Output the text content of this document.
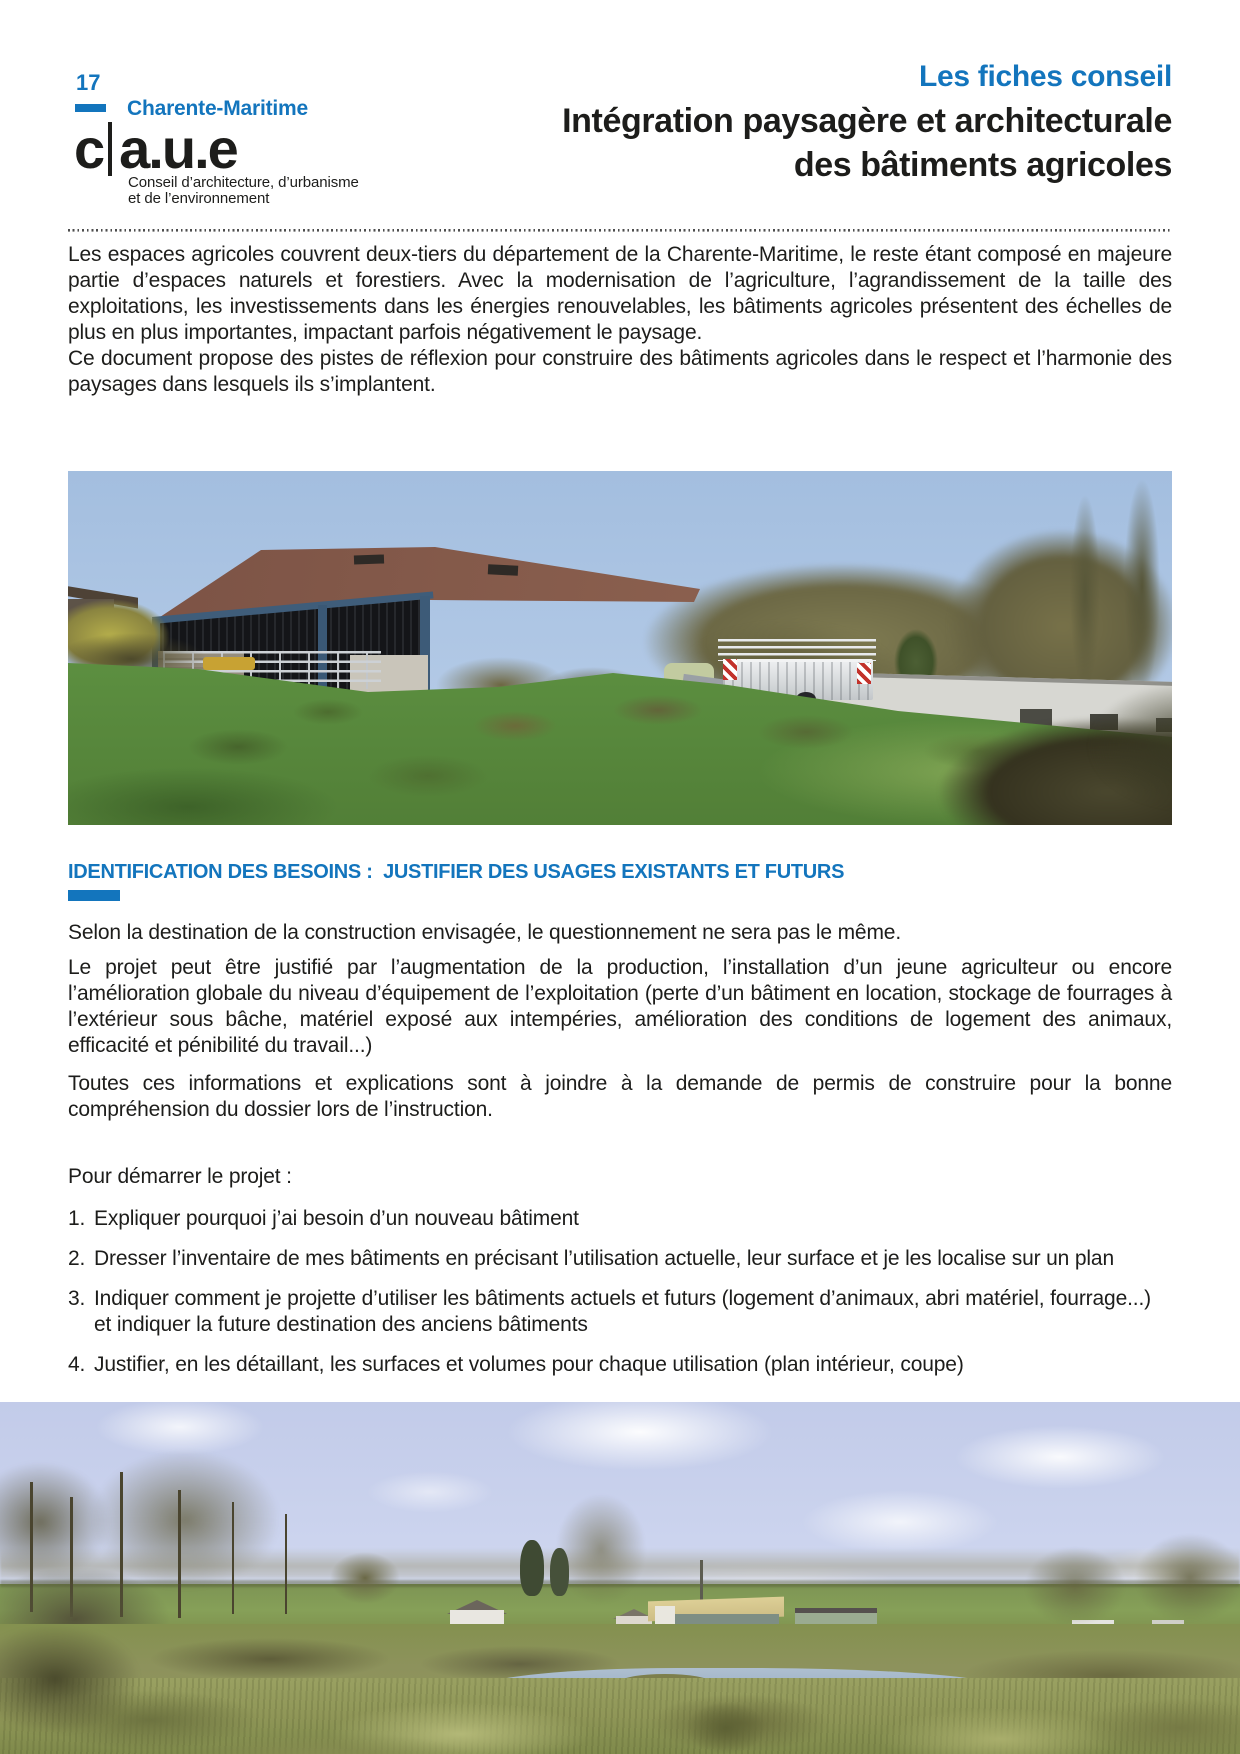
17
Charente-Maritime
c a.u.e
Conseil d’architecture, d’urbanisme
et de l’environnement
Les fiches conseil
Intégration paysagère et architecturale
des bâtiments agricoles

Les espaces agricoles couvrent deux-tiers du département de la Charente-Maritime, le reste étant composé en majeure partie d’espaces naturels et forestiers. Avec la modernisation de l’agriculture, l’agrandissement de la taille des exploitations, les investissements dans les énergies renouvelables, les bâtiments agricoles présentent des échelles de plus en plus importantes, impactant parfois négativement le paysage.

Ce document propose des pistes de réflexion pour construire des bâtiments agricoles dans le respect et l’harmonie des paysages dans lesquels ils s’implantent.

IDENTIFICATION DES BESOINS :  JUSTIFIER DES USAGES EXISTANTS ET FUTURS

Selon la destination de la construction envisagée, le questionnement ne sera pas le même.

Le projet peut être justifié par l’augmentation de la production, l’installation d’un jeune agriculteur ou encore l’amélioration globale du niveau d’équipement de l’exploitation (perte d’un bâtiment en location, stockage de fourrages à l’extérieur sous bâche, matériel exposé aux intempéries, amélioration des conditions de logement des animaux, efficacité et pénibilité du travail...)

Toutes ces informations et explications sont à joindre à la demande de permis de construire pour la bonne compréhension du dossier lors de l’instruction.

Pour démarrer le projet :
1. Expliquer pourquoi j’ai besoin d’un nouveau bâtiment
2. Dresser l’inventaire de mes bâtiments en précisant l’utilisation actuelle, leur surface et je les localise sur un plan
3. Indiquer comment je projette d’utiliser les bâtiments actuels et futurs (logement d’animaux, abri matériel, fourrage...) et indiquer la future destination des anciens bâtiments
4. Justifier, en les détaillant, les surfaces et volumes pour chaque utilisation (plan intérieur, coupe)
